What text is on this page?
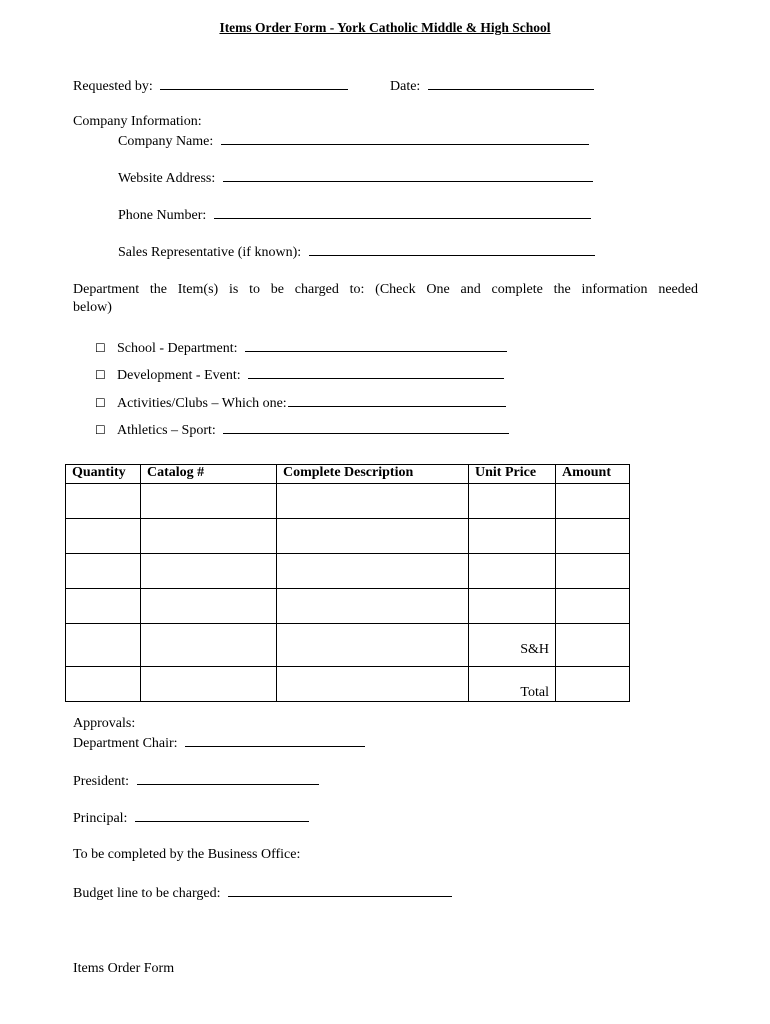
Items Order Form - York Catholic Middle & High School
Requested by:	Date:
Company Information:
Company Name:
Website Address:
Phone Number:
Sales Representative (if known):
Department the Item(s) is to be charged to: (Check One and complete the information needed
below)
☐ School - Department:
☐ Development - Event:
☐ Activities/Clubs – Which one:
☐ Athletics – Sport:
Quantity	Catalog #	Complete Description	Unit Price	Amount

			S&H	
			Total	
Approvals:
Department Chair:
President:
Principal:
To be completed by the Business Office:
Budget line to be charged:
Items Order Form
